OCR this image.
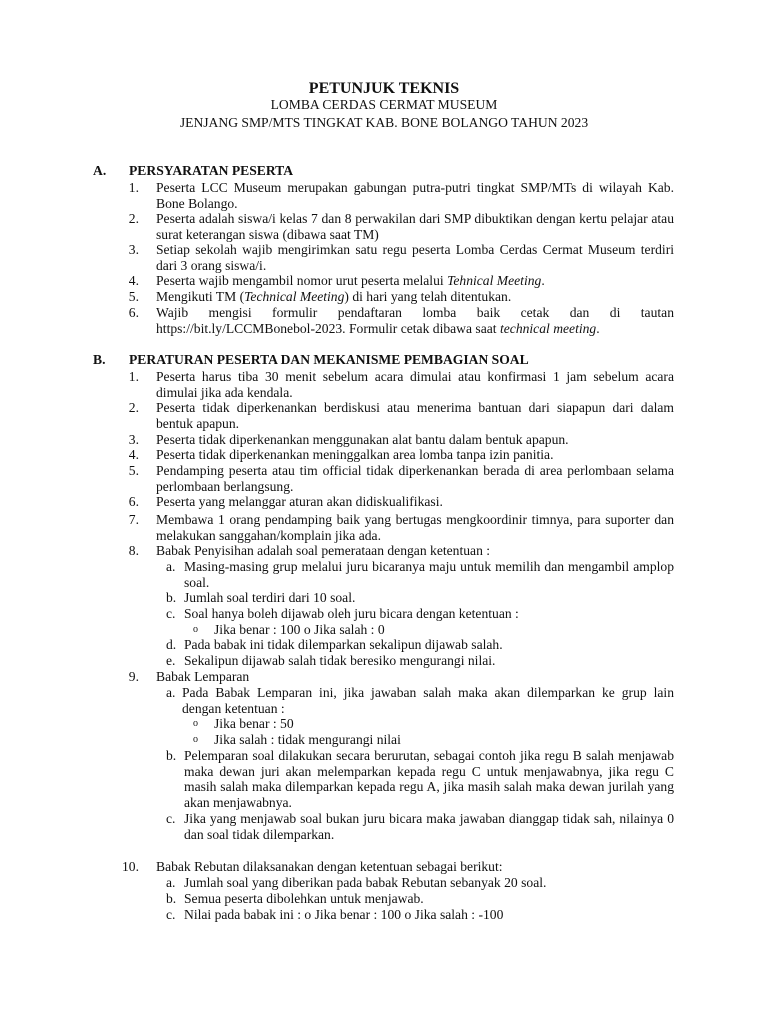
PETUNJUK TEKNIS
LOMBA CERDAS CERMAT MUSEUM
JENJANG SMP/MTS TINGKAT KAB. BONE BOLANGO TAHUN 2023
A. PERSYARATAN PESERTA
1. Peserta LCC Museum merupakan gabungan putra-putri tingkat SMP/MTs di wilayah Kab. Bone Bolango.
2. Peserta adalah siswa/i kelas 7 dan 8 perwakilan dari SMP dibuktikan dengan kertu pelajar atau surat keterangan siswa (dibawa saat TM)
3. Setiap sekolah wajib mengirimkan satu regu peserta Lomba Cerdas Cermat Museum terdiri dari 3 orang siswa/i.
4. Peserta wajib mengambil nomor urut peserta melalui Tehnical Meeting.
5. Mengikuti TM (Technical Meeting) di hari yang telah ditentukan.
6. Wajib mengisi formulir pendaftaran lomba baik cetak dan di tautan
https://bit.ly/LCCMBonebol-2023. Formulir cetak dibawa saat technical meeting.
B. PERATURAN PESERTA DAN MEKANISME PEMBAGIAN SOAL
1. Peserta harus tiba 30 menit sebelum acara dimulai atau konfirmasi 1 jam sebelum acara dimulai jika ada kendala.
2. Peserta tidak diperkenankan berdiskusi atau menerima bantuan dari siapapun dari dalam bentuk apapun.
3. Peserta tidak diperkenankan menggunakan alat bantu dalam bentuk apapun.
4. Peserta tidak diperkenankan meninggalkan area lomba tanpa izin panitia.
5. Pendamping peserta atau tim official tidak diperkenankan berada di area perlombaan selama perlombaan berlangsung.
6. Peserta yang melanggar aturan akan didiskualifikasi.
7. Membawa 1 orang pendamping baik yang bertugas mengkoordinir timnya, para suporter dan melakukan sanggahan/komplain jika ada.
8. Babak Penyisihan adalah soal pemerataan dengan ketentuan :
a. Masing-masing grup melalui juru bicaranya maju untuk memilih dan mengambil amplop soal.
b. Jumlah soal terdiri dari 10 soal.
c. Soal hanya boleh dijawab oleh juru bicara dengan ketentuan :
o Jika benar : 100 ο Jika salah : 0
d. Pada babak ini tidak dilemparkan sekalipun dijawab salah.
e. Sekalipun dijawab salah tidak beresiko mengurangi nilai.
9. Babak Lemparan
a. Pada Babak Lemparan ini, jika jawaban salah maka akan dilemparkan ke grup lain dengan ketentuan :
o Jika benar : 50
o Jika salah : tidak mengurangi nilai
b. Pelemparan soal dilakukan secara berurutan, sebagai contoh jika regu B salah menjawab maka dewan juri akan melemparkan kepada regu C untuk menjawabnya, jika regu C masih salah maka dilemparkan kepada regu A, jika masih salah maka dewan jurilah yang akan menjawabnya.
c. Jika yang menjawab soal bukan juru bicara maka jawaban dianggap tidak sah, nilainya 0 dan soal tidak dilemparkan.
10. Babak Rebutan dilaksanakan dengan ketentuan sebagai berikut:
a. Jumlah soal yang diberikan pada babak Rebutan sebanyak 20 soal.
b. Semua peserta dibolehkan untuk menjawab.
c. Nilai pada babak ini : ο Jika benar : 100 ο Jika salah : -100
